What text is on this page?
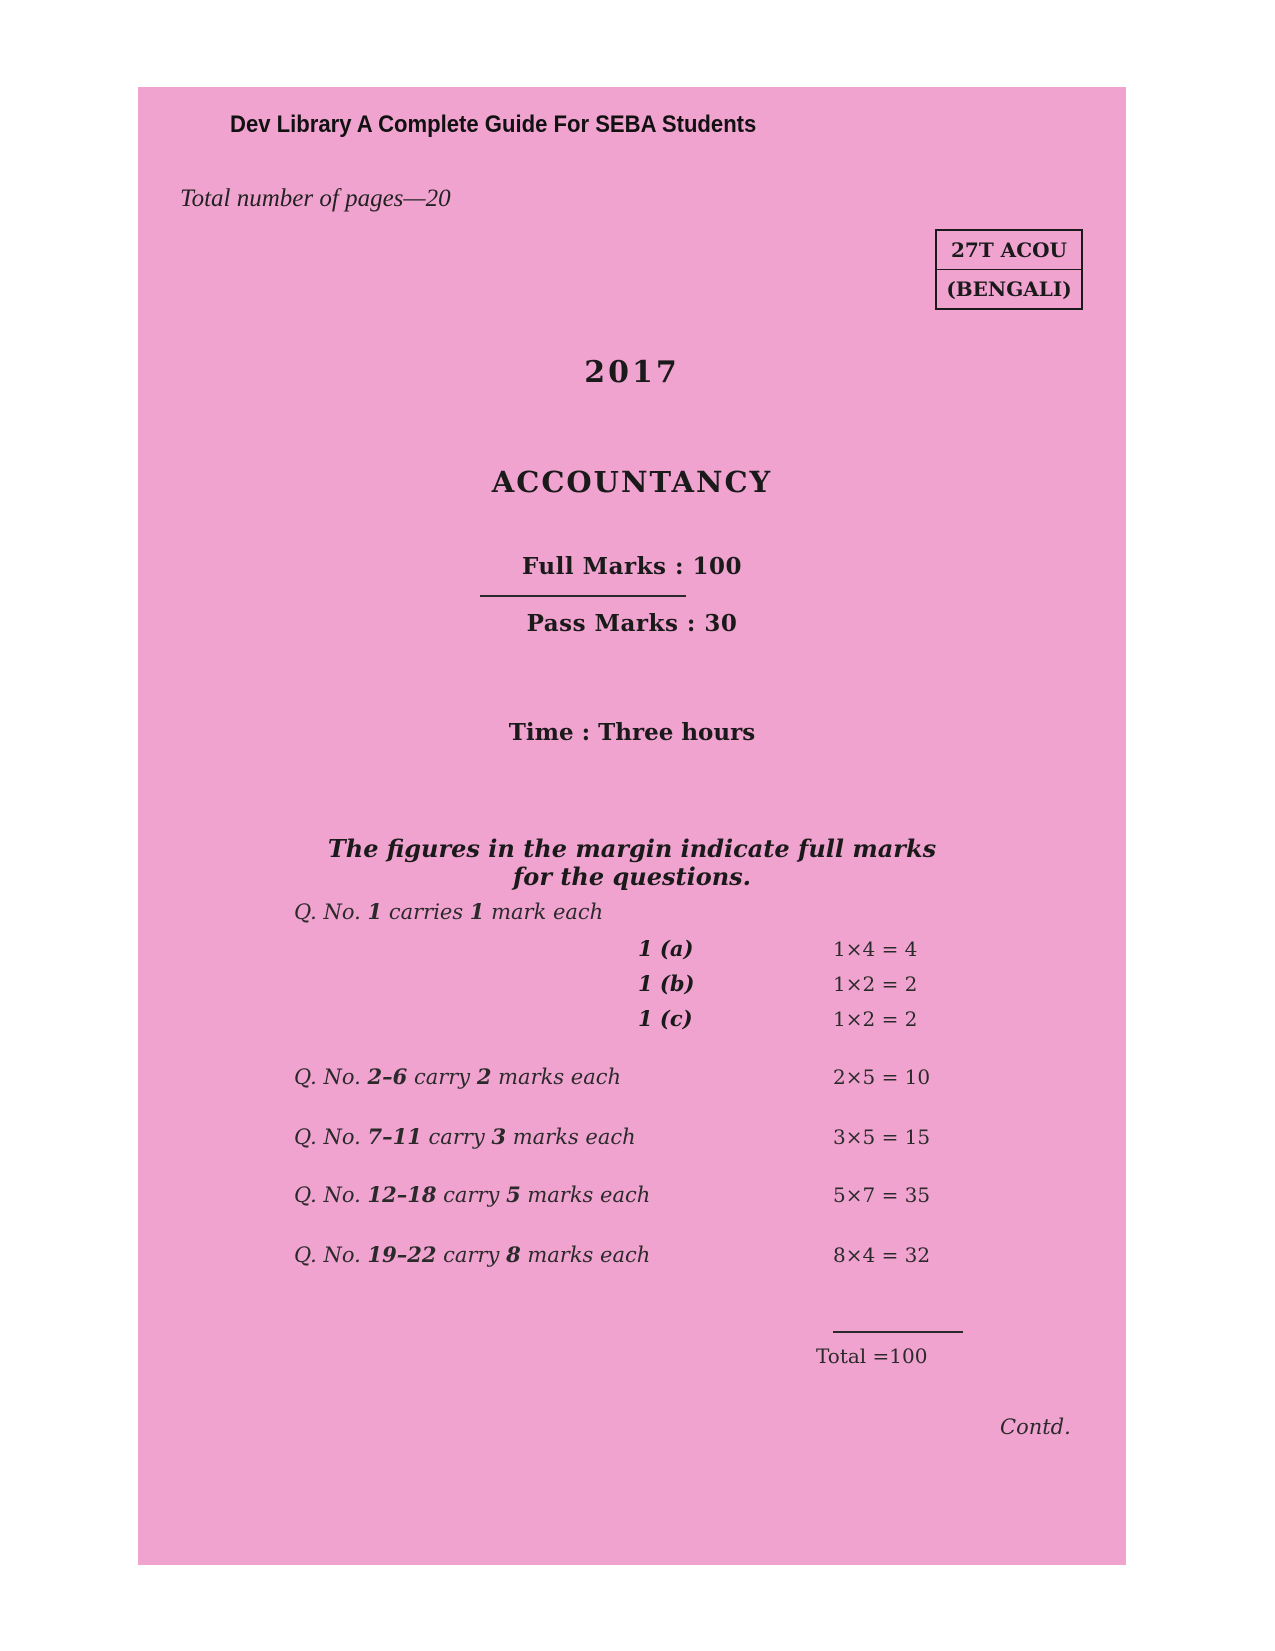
Dev Library A Complete Guide For SEBA Students
Total number of pages—20
27T ACOU
(BENGALI)
2017
ACCOUNTANCY
Full Marks : 100
Pass Marks : 30
Time : Three hours
The figures in the margin indicate full marks
for the questions.
Q. No. 1 carries 1 mark each
1 (a)	1×4 = 4
1 (b)	1×2 = 2
1 (c)	1×2 = 2
Q. No. 2–6 carry 2 marks each	2×5 = 10
Q. No. 7–11 carry 3 marks each	3×5 = 15
Q. No. 12–18 carry 5 marks each	5×7 = 35
Q. No. 19–22 carry 8 marks each	8×4 = 32
Total =100
Contd.
